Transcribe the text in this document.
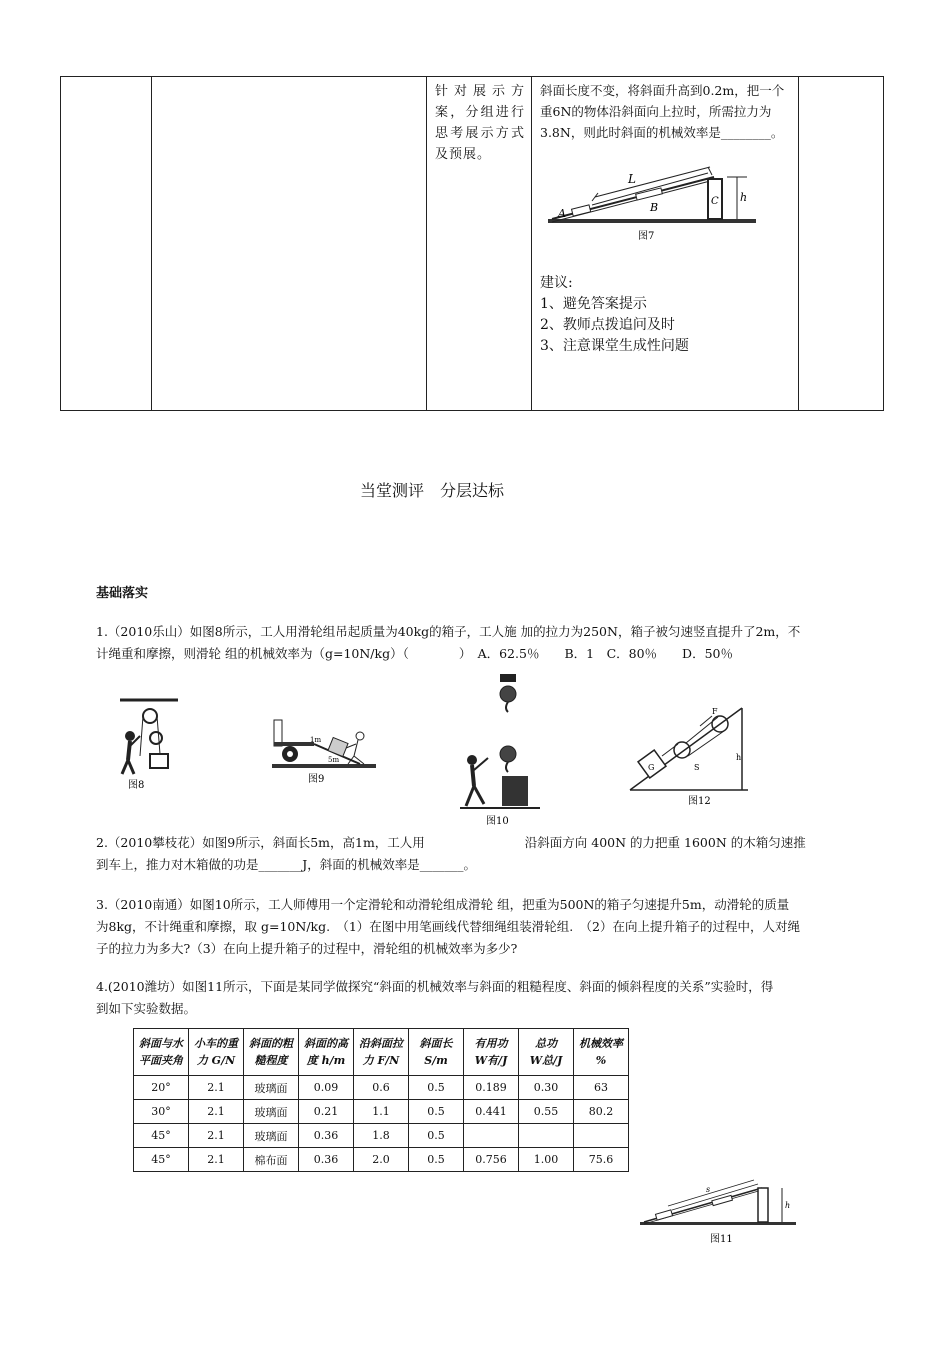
针对展示方案，分组进行思考展示方式及预展。

斜面长度不变，将斜面升高到0.2m，把一个重6N的物体沿斜面向上拉时，所需拉力为3.8N，则此时斜面的机械效率是________。
L
A	B	C h
图7
建议:
1、避免答案提示
2、教师点拨追问及时
3、注意课堂生成性问题

当堂测评　分层达标
基础落实
1.（2010乐山）如图8所示，工人用滑轮组吊起质量为40kg的箱子，工人施 加的拉力为250N，箱子被匀速竖直提升了2m，不
计绳重和摩擦，则滑轮 组的机械效率为（g=10N/kg）（　　　　）　A．62.5％　　B．1　C．80％　　D．50％
图8
1m
5m
图9
图10
F
G	S
h
图12
2.（2010攀枝花）如图9所示，斜面长5m，高1m，工人用　　　　　　　　沿斜面方向 400N 的力把重 1600N 的木箱匀速推
到车上，推力对木箱做的功是_______J，斜面的机械效率是_______。
3.（2010南通）如图10所示，工人师傅用一个定滑轮和动滑轮组成滑轮 组，把重为500N的箱子匀速提升5m，动滑轮的质量
为8kg，不计绳重和摩擦，取 g=10N/kg.　（1）在图中用笔画线代替细绳组装滑轮组.　（2）在向上提升箱子的过程中，人对绳
子的拉力为多大?（3）在向上提升箱子的过程中，滑轮组的机械效率为多少?
4.(2010潍坊）如图11所示，下面是某同学做探究“斜面的机械效率与斜面的粗糙程度、斜面的倾斜程度的关系”实验时，得
到如下实验数据。
斜面与水
平面夹角	小车的重
力 G/N	斜面的粗
糙程度	斜面的高
度 h/m	沿斜面拉
力 F/N	斜面长
S/m	有用功
W有/J	总功
W总/J	机械效率
%
20°	2.1	玻璃面	0.09	0.6	0.5	0.189	0.30	63
30°	2.1	玻璃面	0.21	1.1	0.5	0.441	0.55	80.2
45°	2.1	玻璃面	0.36	1.8	0.5			
45°	2.1	棉布面	0.36	2.0	0.5	0.756	1.00	75.6
s
h
图11
